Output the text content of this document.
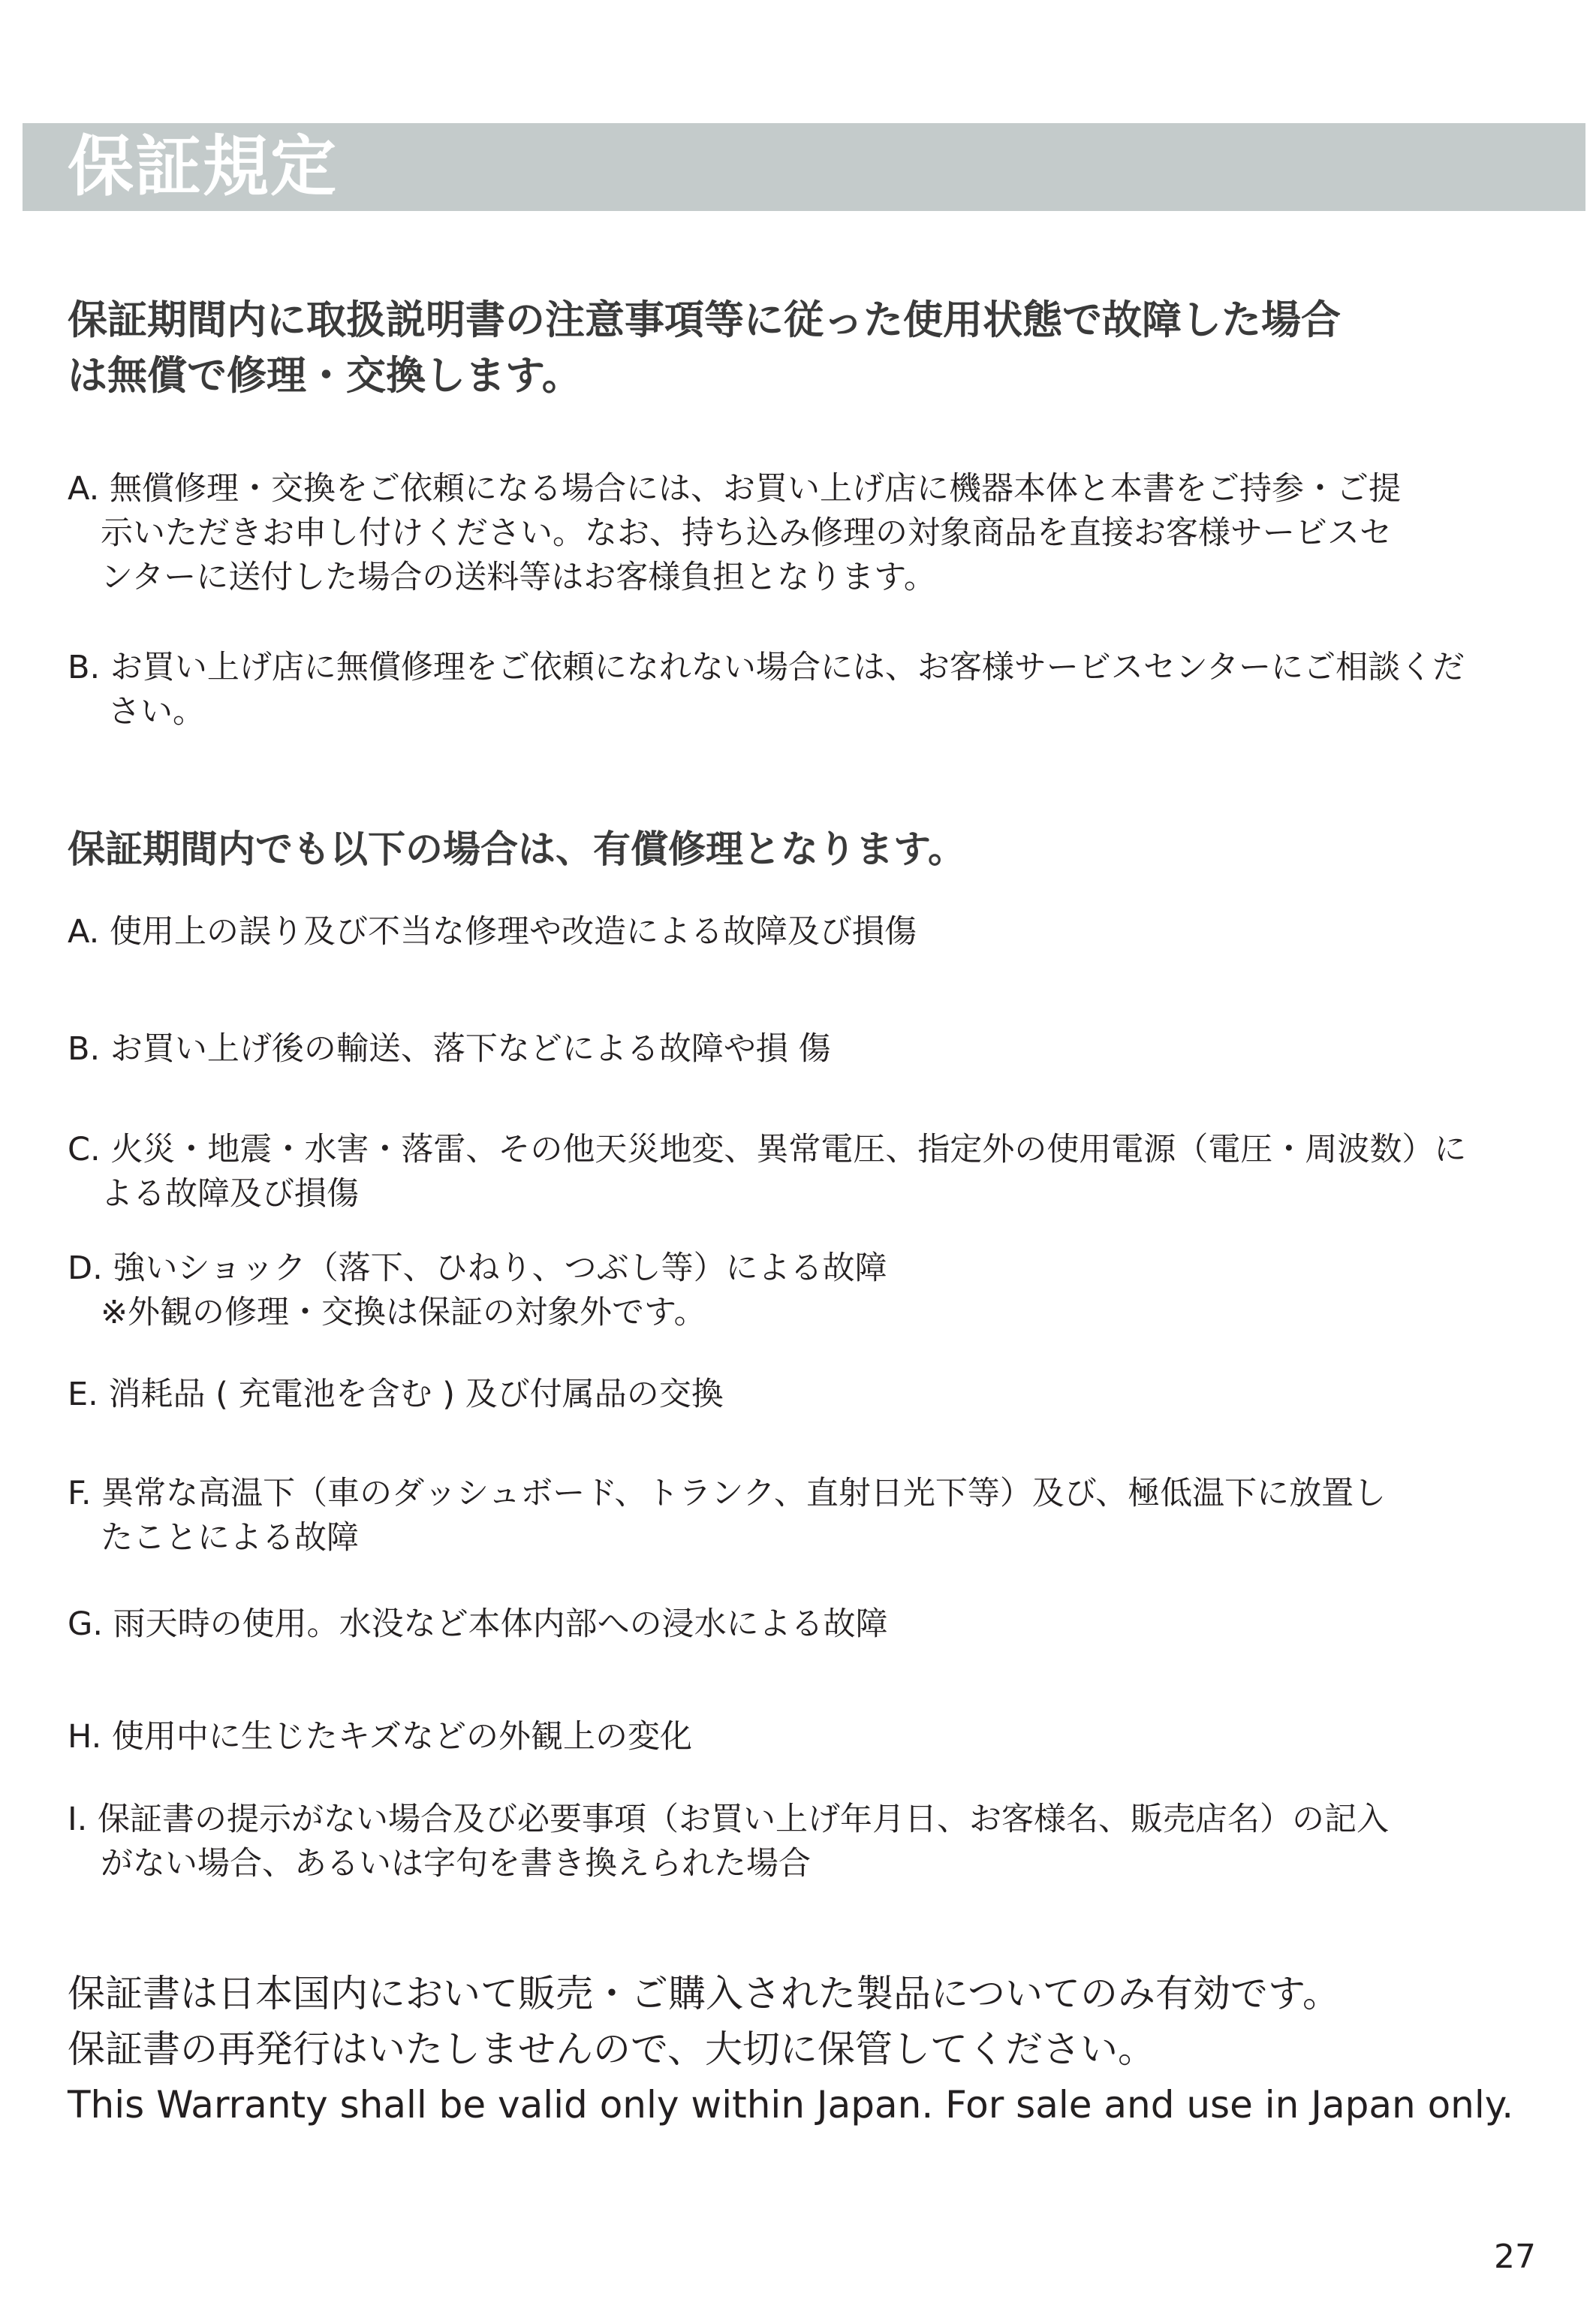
保証規定

保証期間内に取扱説明書の注意事項等に従った使用状態で故障した場合
は無償で修理・交換します。

A. 無償修理・交換をご依頼になる場合には、お買い上げ店に機器本体と本書をご持参・ご提
示いただきお申し付けください。なお、持ち込み修理の対象商品を直接お客様サービスセ
ンターに送付した場合の送料等はお客様負担となります。
B. お買い上げ店に無償修理をご依頼になれない場合には、お客様サービスセンターにご相談くだ
さい。
保証期間内でも以下の場合は、有償修理となります。
A. 使用上の誤り及び不当な修理や改造による故障及び損傷
B. お買い上げ後の輸送、落下などによる故障や損 傷
C. 火災・地震・水害・落雷、その他天災地変、異常電圧、指定外の使用電源（電圧・周波数）に
よる故障及び損傷
D. 強いショック（落下、ひねり、つぶし等）による故障
※外観の修理・交換は保証の対象外です。
E. 消耗品 ( 充電池を含む ) 及び付属品の交換
F. 異常な高温下（車のダッシュボード、トランク、直射日光下等）及び、極低温下に放置し
たことによる故障
G. 雨天時の使用。水没など本体内部への浸水による故障
H. 使用中に生じたキズなどの外観上の変化
I. 保証書の提示がない場合及び必要事項（お買い上げ年月日、お客様名、販売店名）の記入
がない場合、あるいは字句を書き換えられた場合
保証書は日本国内において販売・ご購入された製品についてのみ有効です。
保証書の再発行はいたしませんので、大切に保管してください。
This Warranty shall be valid only within Japan. For sale and use in Japan only.
27
